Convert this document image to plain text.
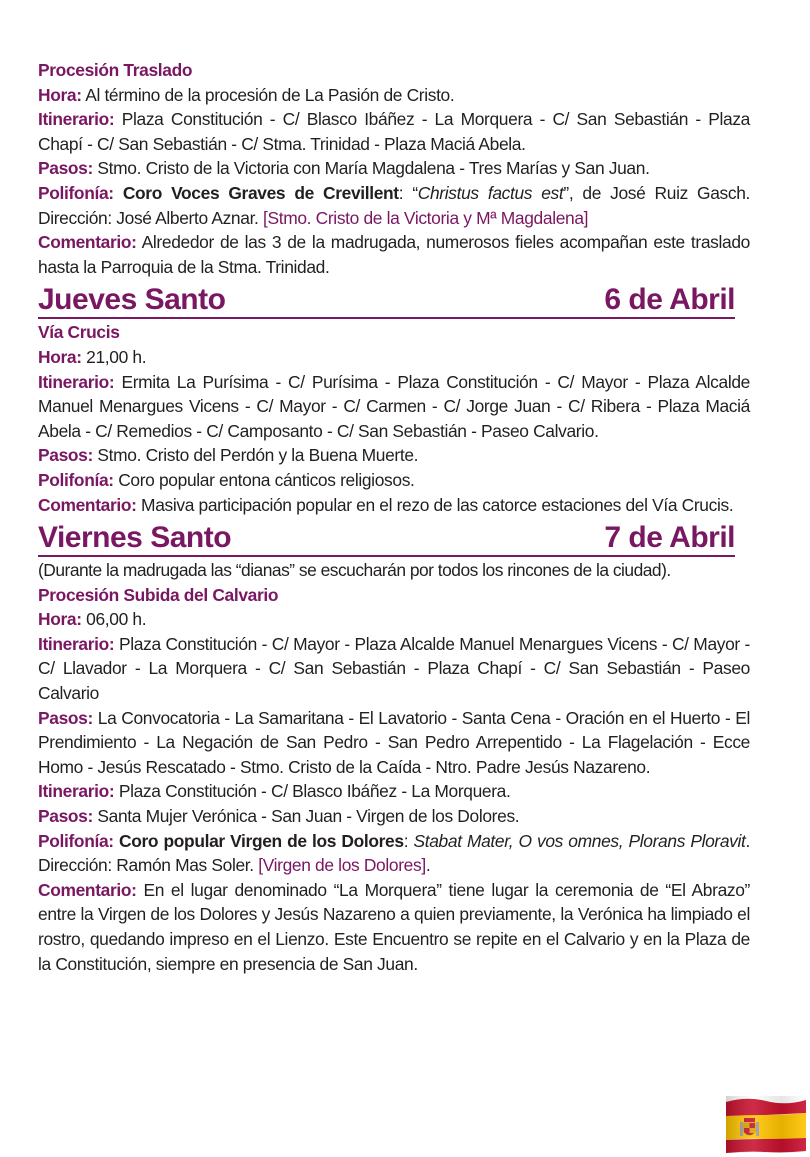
Procesión Traslado

Hora: Al término de la procesión de La Pasión de Cristo.

Itinerario: Plaza Constitución - C/ Blasco Ibáñez - La Morquera - C/ San Sebastián - Plaza Chapí - C/ San Sebastián - C/ Stma. Trinidad - Plaza Maciá Abela.

Pasos: Stmo. Cristo de la Victoria con María Magdalena - Tres Marías y San Juan.

Polifonía: Coro Voces Graves de Crevillent: “Christus factus est”, de José Ruiz Gasch. Dirección: José Alberto Aznar. [Stmo. Cristo de la Victoria y Mª Magdalena]

Comentario: Alrededor de las 3 de la madrugada, numerosos fieles acompañan este traslado hasta la Parroquia de la Stma. Trinidad.

Jueves Santo	6 de Abril

Vía Crucis

Hora: 21,00 h.

Itinerario: Ermita La Purísima - C/ Purísima - Plaza Constitución - C/ Mayor - Plaza Alcalde Manuel Menargues Vicens - C/ Mayor - C/ Carmen - C/ Jorge Juan - C/ Ribera - Plaza Maciá Abela - C/ Remedios - C/ Camposanto - C/ San Sebastián - Paseo Calvario.

Pasos: Stmo. Cristo del Perdón y la Buena Muerte.

Polifonía: Coro popular entona cánticos religiosos.

Comentario: Masiva participación popular en el rezo de las catorce estaciones del Vía Crucis.

Viernes Santo	7 de Abril

(Durante la madrugada las “dianas” se escucharán por todos los rincones de la ciudad).

Procesión Subida del Calvario

Hora: 06,00 h.

Itinerario: Plaza Constitución - C/ Mayor - Plaza Alcalde Manuel Menargues Vicens - C/ Mayor - C/ Llavador - La Morquera - C/ San Sebastián - Plaza Chapí - C/ San Sebastián - Paseo Calvario

Pasos: La Convocatoria - La Samaritana - El Lavatorio - Santa Cena - Oración en el Huerto - El Prendimiento - La Negación de San Pedro - San Pedro Arrepentido - La Flagelación - Ecce Homo - Jesús Rescatado - Stmo. Cristo de la Caída - Ntro. Padre Jesús Nazareno.

Itinerario: Plaza Constitución - C/ Blasco Ibáñez - La Morquera.

Pasos: Santa Mujer Verónica - San Juan - Virgen de los Dolores.

Polifonía: Coro popular Virgen de los Dolores: Stabat Mater, O vos omnes, Plorans Ploravit. Dirección: Ramón Mas Soler. [Virgen de los Dolores].

Comentario: En el lugar denominado “La Morquera” tiene lugar la ceremonia de “El Abrazo” entre la Virgen de los Dolores y Jesús Nazareno a quien previamente, la Verónica ha limpiado el rostro, quedando impreso en el Lienzo. Este Encuentro se repite en el Calvario y en la Plaza de la Constitución, siempre en presencia de San Juan.
